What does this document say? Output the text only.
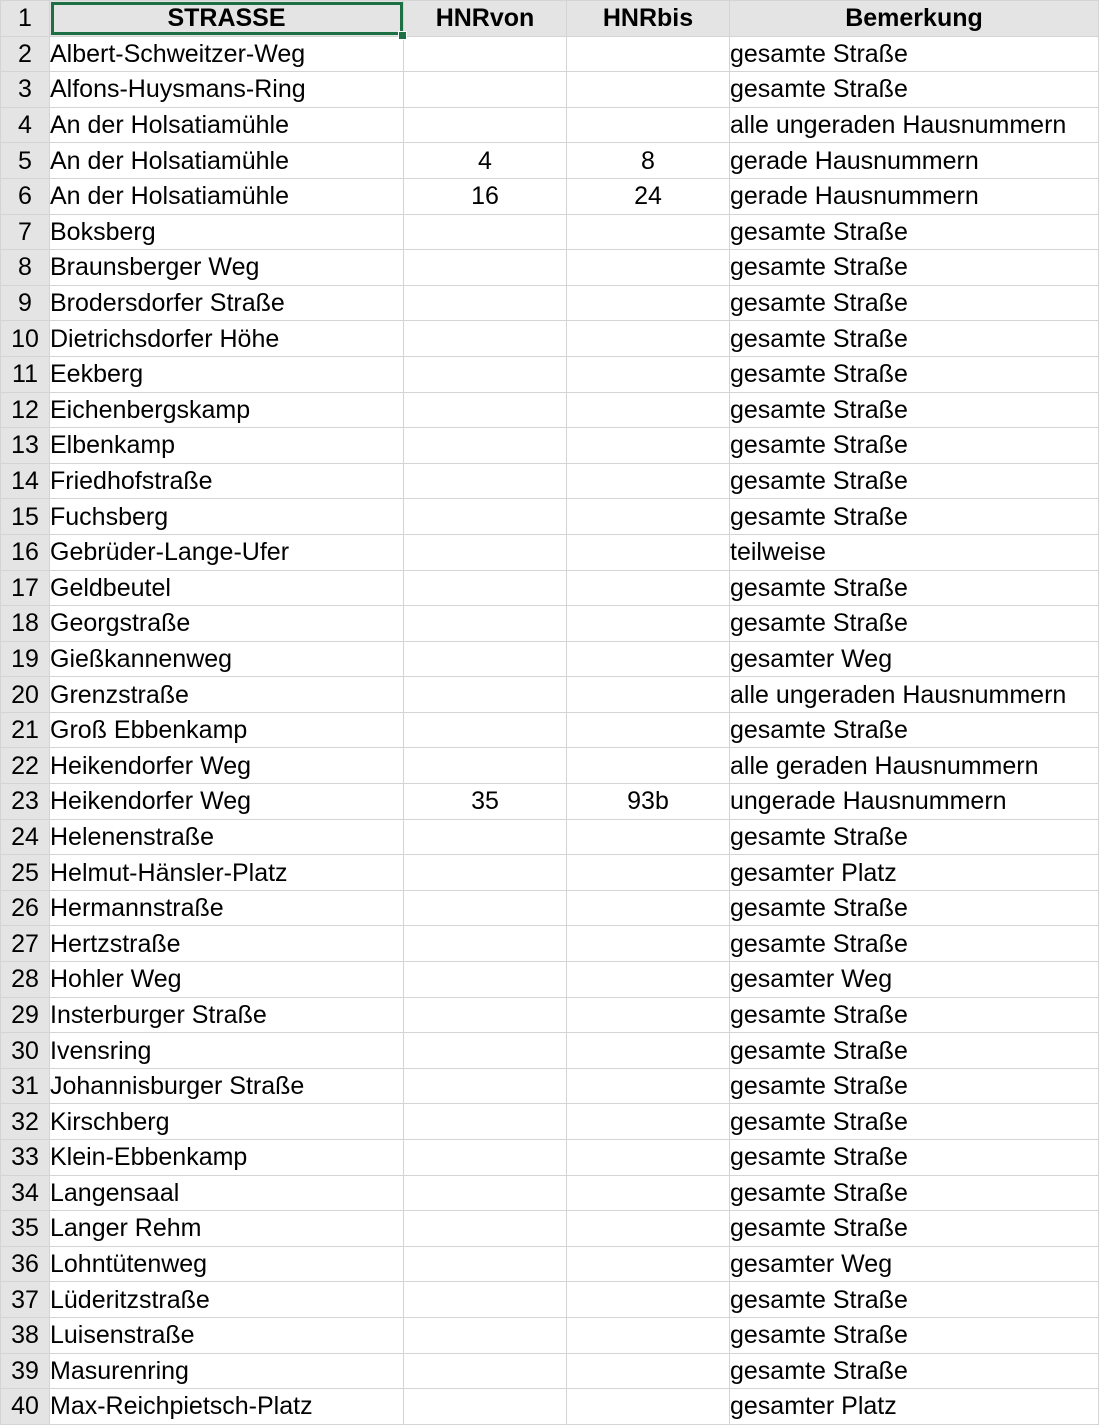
1	STRASSE	HNRvon	HNRbis	Bemerkung
2	Albert-Schweitzer-Weg			gesamte Straße
3	Alfons-Huysmans-Ring			gesamte Straße
4	An der Holsatiamühle			alle ungeraden Hausnummern
5	An der Holsatiamühle	4	8	gerade Hausnummern
6	An der Holsatiamühle	16	24	gerade Hausnummern
7	Boksberg			gesamte Straße
8	Braunsberger Weg			gesamte Straße
9	Brodersdorfer Straße			gesamte Straße
10	Dietrichsdorfer Höhe			gesamte Straße
11	Eekberg			gesamte Straße
12	Eichenbergskamp			gesamte Straße
13	Elbenkamp			gesamte Straße
14	Friedhofstraße			gesamte Straße
15	Fuchsberg			gesamte Straße
16	Gebrüder-Lange-Ufer			teilweise
17	Geldbeutel			gesamte Straße
18	Georgstraße			gesamte Straße
19	Gießkannenweg			gesamter Weg
20	Grenzstraße			alle ungeraden Hausnummern
21	Groß Ebbenkamp			gesamte Straße
22	Heikendorfer Weg			alle geraden Hausnummern
23	Heikendorfer Weg	35	93b	ungerade Hausnummern
24	Helenenstraße			gesamte Straße
25	Helmut-Hänsler-Platz			gesamter Platz
26	Hermannstraße			gesamte Straße
27	Hertzstraße			gesamte Straße
28	Hohler Weg			gesamter Weg
29	Insterburger Straße			gesamte Straße
30	Ivensring			gesamte Straße
31	Johannisburger Straße			gesamte Straße
32	Kirschberg			gesamte Straße
33	Klein-Ebbenkamp			gesamte Straße
34	Langensaal			gesamte Straße
35	Langer Rehm			gesamte Straße
36	Lohntütenweg			gesamter Weg
37	Lüderitzstraße			gesamte Straße
38	Luisenstraße			gesamte Straße
39	Masurenring			gesamte Straße
40	Max-Reichpietsch-Platz			gesamter Platz
